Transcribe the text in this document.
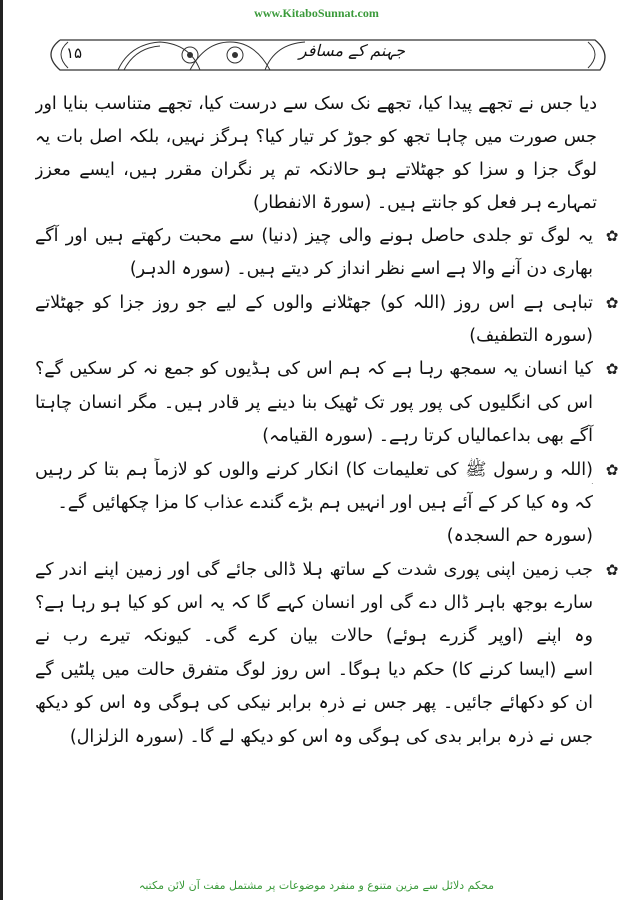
www.KitaboSunnat.com
۱۵	جہنم کے مسافر
دیا جس نے تجھے پیدا کیا، تجھے نک سک سے درست کیا، تجھے متناسب بنایا اور
جس صورت میں چاہا تجھ کو جوڑ کر تیار کیا؟ ہرگز نہیں، بلکہ اصل بات یہ
لوگ جزا و سزا کو جھٹلاتے ہو حالانکہ تم پر نگران مقرر ہیں، ایسے معزز
تمہارے ہر فعل کو جانتے ہیں۔ (سورۃ الانفطار)
✿
یہ لوگ تو جلدی حاصل ہونے والی چیز (دنیا) سے محبت رکھتے ہیں اور آگے
بھاری دن آنے والا ہے اسے نظر انداز کر دیتے ہیں۔ (سورہ الدہر)
✿
تباہی ہے اس روز (اللہ کو) جھٹلانے والوں کے لیے جو روز جزا کو جھٹلاتے
(سورہ التطفیف)
✿
کیا انسان یہ سمجھ رہا ہے کہ ہم اس کی ہڈیوں کو جمع نہ کر سکیں گے؟
اس کی انگلیوں کی پور پور تک ٹھیک بنا دینے پر قادر ہیں۔ مگر انسان چاہتا
آگے بھی بداعمالیاں کرتا رہے۔ (سورہ القیامہ)
✿
(اللہ و رسول ﷺ کی تعلیمات کا) انکار کرنے والوں کو لازماً ہم بتا کر رہیں
کہ وہ کیا کر کے آئے ہیں اور انہیں ہم بڑے گندے عذاب کا مزا چکھائیں گے۔
(سورہ حم السجدہ)
✿
جب زمین اپنی پوری شدت کے ساتھ ہلا ڈالی جائے گی اور زمین اپنے اندر کے
سارے بوجھ باہر ڈال دے گی اور انسان کہے گا کہ یہ اس کو کیا ہو رہا ہے؟
وہ اپنے (اوپر گزرے ہوئے) حالات بیان کرے گی۔ کیونکہ تیرے رب نے
اسے (ایسا کرنے کا) حکم دیا ہوگا۔ اس روز لوگ متفرق حالت میں پلٹیں گے
ان کو دکھائے جائیں۔ پھر جس نے ذرہ برابر نیکی کی ہوگی وہ اس کو دیکھ
جس نے ذرہ برابر بدی کی ہوگی وہ اس کو دیکھ لے گا۔ (سورہ الزلزال)
محکم دلائل سے مزین متنوع و منفرد موضوعات پر مشتمل مفت آن لائن مکتبہ
